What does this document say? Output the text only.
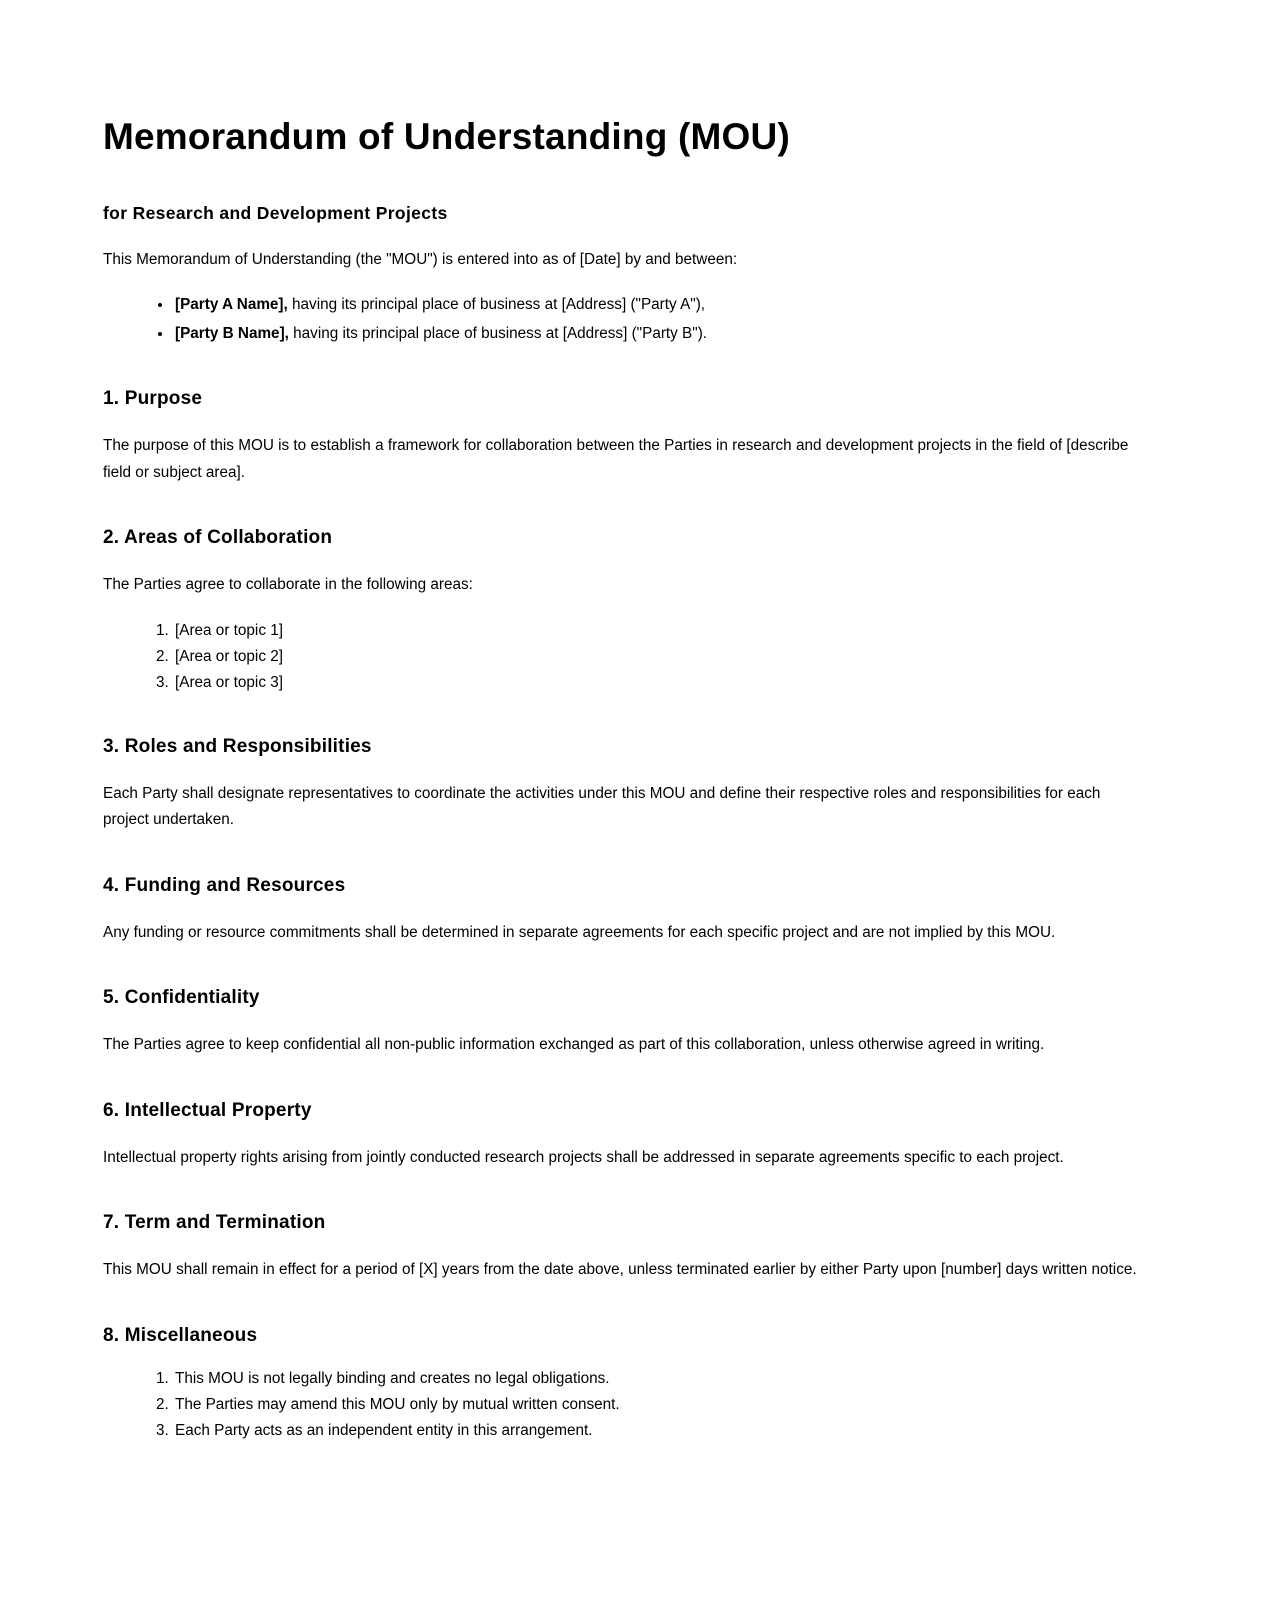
Memorandum of Understanding (MOU)
for Research and Development Projects

This Memorandum of Understanding (the "MOU") is entered into as of [Date] by and between:

• [Party A Name], having its principal place of business at [Address] ("Party A"),
• [Party B Name], having its principal place of business at [Address] ("Party B").
1. Purpose

The purpose of this MOU is to establish a framework for collaboration between the Parties in research and development projects in the field of [describe field or subject area].

2. Areas of Collaboration

The Parties agree to collaborate in the following areas:

1. [Area or topic 1]
2. [Area or topic 2]
3. [Area or topic 3]
3. Roles and Responsibilities

Each Party shall designate representatives to coordinate the activities under this MOU and define their respective roles and responsibilities for each project undertaken.

4. Funding and Resources

Any funding or resource commitments shall be determined in separate agreements for each specific project and are not implied by this MOU.

5. Confidentiality

The Parties agree to keep confidential all non-public information exchanged as part of this collaboration, unless otherwise agreed in writing.

6. Intellectual Property

Intellectual property rights arising from jointly conducted research projects shall be addressed in separate agreements specific to each project.

7. Term and Termination

This MOU shall remain in effect for a period of [X] years from the date above, unless terminated earlier by either Party upon [number] days written notice.

8. Miscellaneous
1. This MOU is not legally binding and creates no legal obligations.
2. The Parties may amend this MOU only by mutual written consent.
3. Each Party acts as an independent entity in this arrangement.
